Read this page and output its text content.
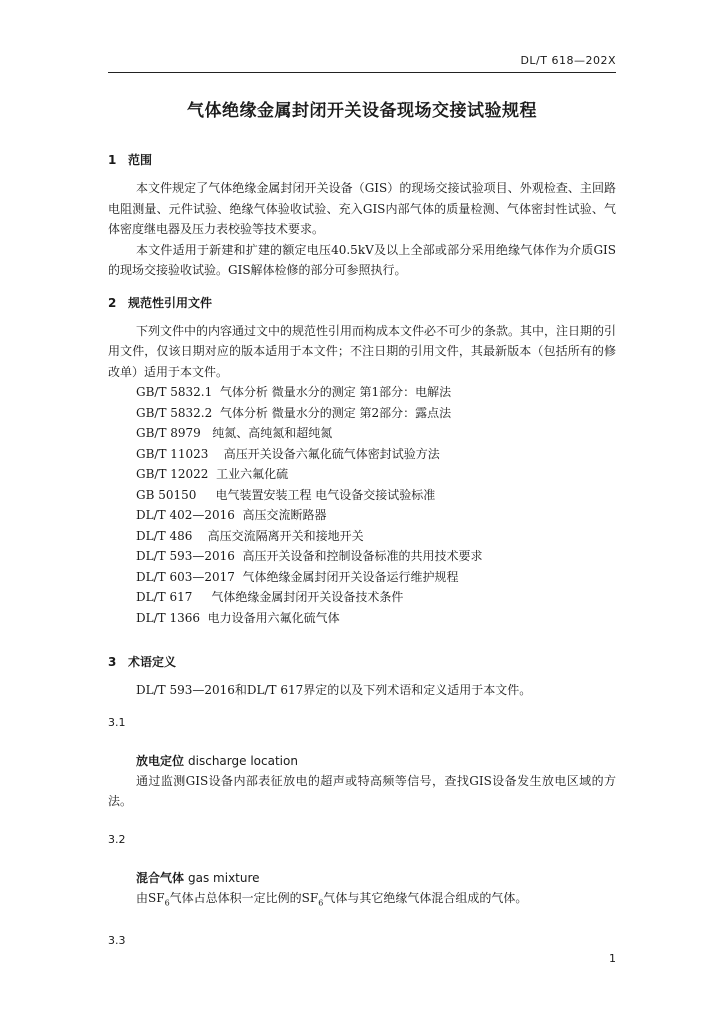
DL/T 618—202X
气体绝缘金属封闭开关设备现场交接试验规程

1 范围

本文件规定了气体绝缘金属封闭开关设备（GIS）的现场交接试验项目、外观检查、主回路电阻测量、元件试验、绝缘气体验收试验、充入GIS内部气体的质量检测、气体密封性试验、气体密度继电器及压力表校验等技术要求。

本文件适用于新建和扩建的额定电压40.5kV及以上全部或部分采用绝缘气体作为介质GIS的现场交接验收试验。GIS解体检修的部分可参照执行。

2 规范性引用文件

下列文件中的内容通过文中的规范性引用而构成本文件必不可少的条款。其中，注日期的引用文件，仅该日期对应的版本适用于本文件；不注日期的引用文件，其最新版本（包括所有的修改单）适用于本文件。

GB/T 5832.1  气体分析 微量水分的测定 第1部分：电解法
GB/T 5832.2  气体分析 微量水分的测定 第2部分：露点法
GB/T 8979   纯氮、高纯氮和超纯氮
GB/T 11023    高压开关设备六氟化硫气体密封试验方法
GB/T 12022  工业六氟化硫
GB 50150     电气装置安装工程 电气设备交接试验标准
DL/T 402—2016  高压交流断路器
DL/T 486    高压交流隔离开关和接地开关
DL/T 593—2016  高压开关设备和控制设备标准的共用技术要求
DL/T 603—2017  气体绝缘金属封闭开关设备运行维护规程
DL/T 617     气体绝缘金属封闭开关设备技术条件
DL/T 1366  电力设备用六氟化硫气体

3 术语定义

DL/T 593—2016和DL/T 617界定的以及下列术语和定义适用于本文件。

3.1

放电定位 discharge location

通过监测GIS设备内部表征放电的超声或特高频等信号，查找GIS设备发生放电区域的方法。

3.2

混合气体 gas mixture

由$SF_6$气体占总体积一定比例的$SF_6$气体与其它绝缘气体混合组成的气体。

3.3

1
